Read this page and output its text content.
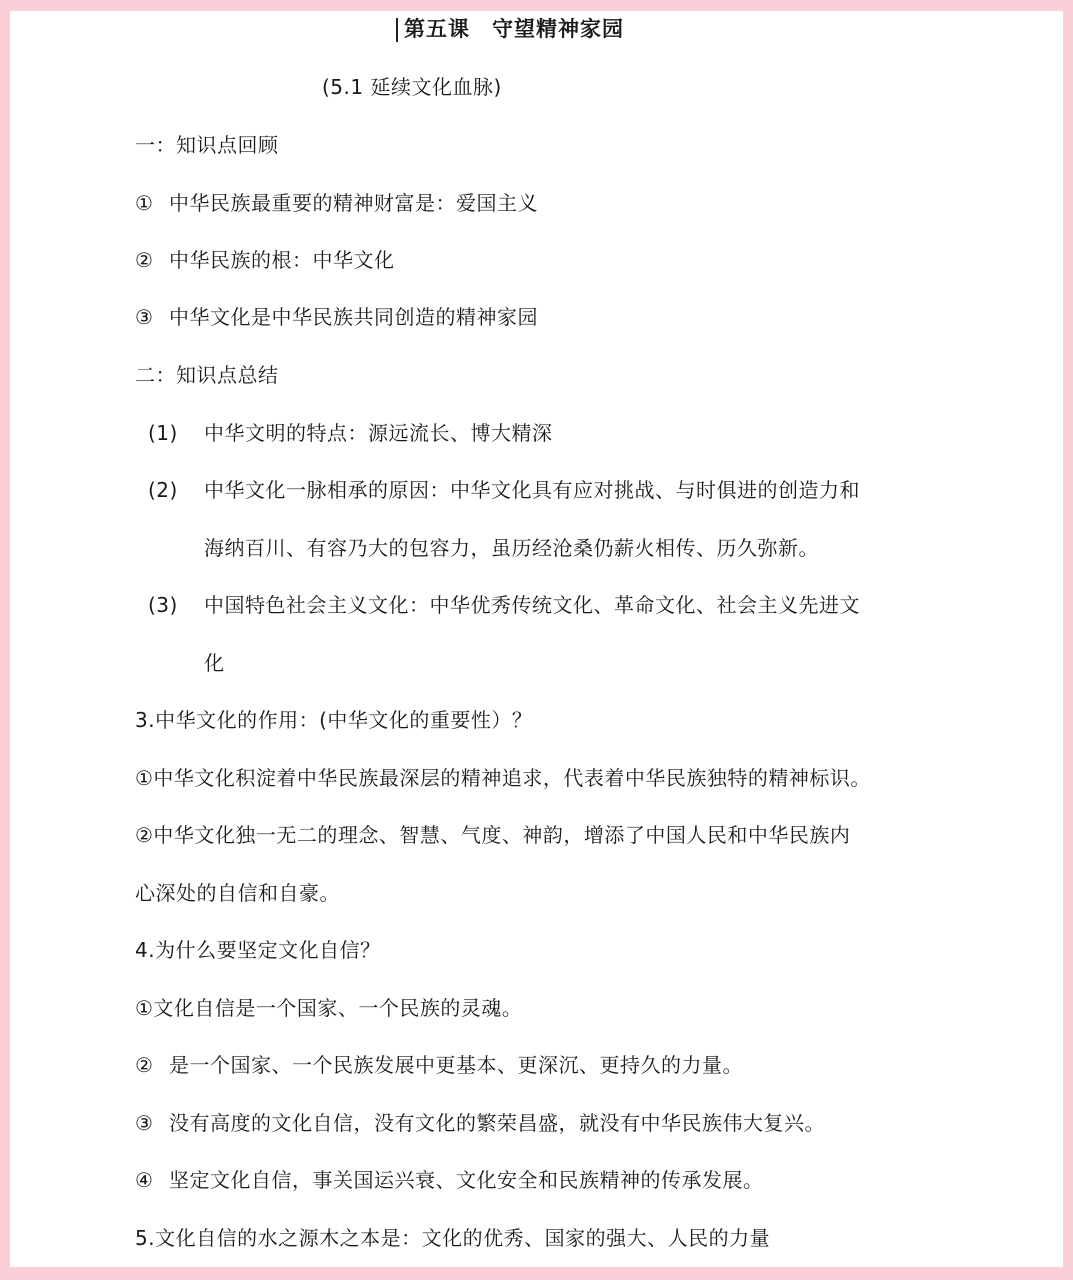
第五课 守望精神家园
(5.1 延续文化血脉)
一：知识点回顾
① 中华民族最重要的精神财富是：爱国主义
② 中华民族的根：中华文化
③ 中华文化是中华民族共同创造的精神家园
二：知识点总结
(1) 中华文明的特点：源远流长、博大精深
(2) 中华文化一脉相承的原因：中华文化具有应对挑战、与时俱进的创造力和
海纳百川、有容乃大的包容力，虽历经沧桑仍薪火相传、历久弥新。
(3) 中国特色社会主义文化：中华优秀传统文化、革命文化、社会主义先进文
化
3.中华文化的作用：(中华文化的重要性）？
①中华文化积淀着中华民族最深层的精神追求，代表着中华民族独特的精神标识。
②中华文化独一无二的理念、智慧、气度、神韵，增添了中国人民和中华民族内
心深处的自信和自豪。
4.为什么要坚定文化自信？
①文化自信是一个国家、一个民族的灵魂。
② 是一个国家、一个民族发展中更基本、更深沉、更持久的力量。
③ 没有高度的文化自信，没有文化的繁荣昌盛，就没有中华民族伟大复兴。
④ 坚定文化自信，事关国运兴衰、文化安全和民族精神的传承发展。
5.文化自信的水之源木之本是：文化的优秀、国家的强大、人民的力量
